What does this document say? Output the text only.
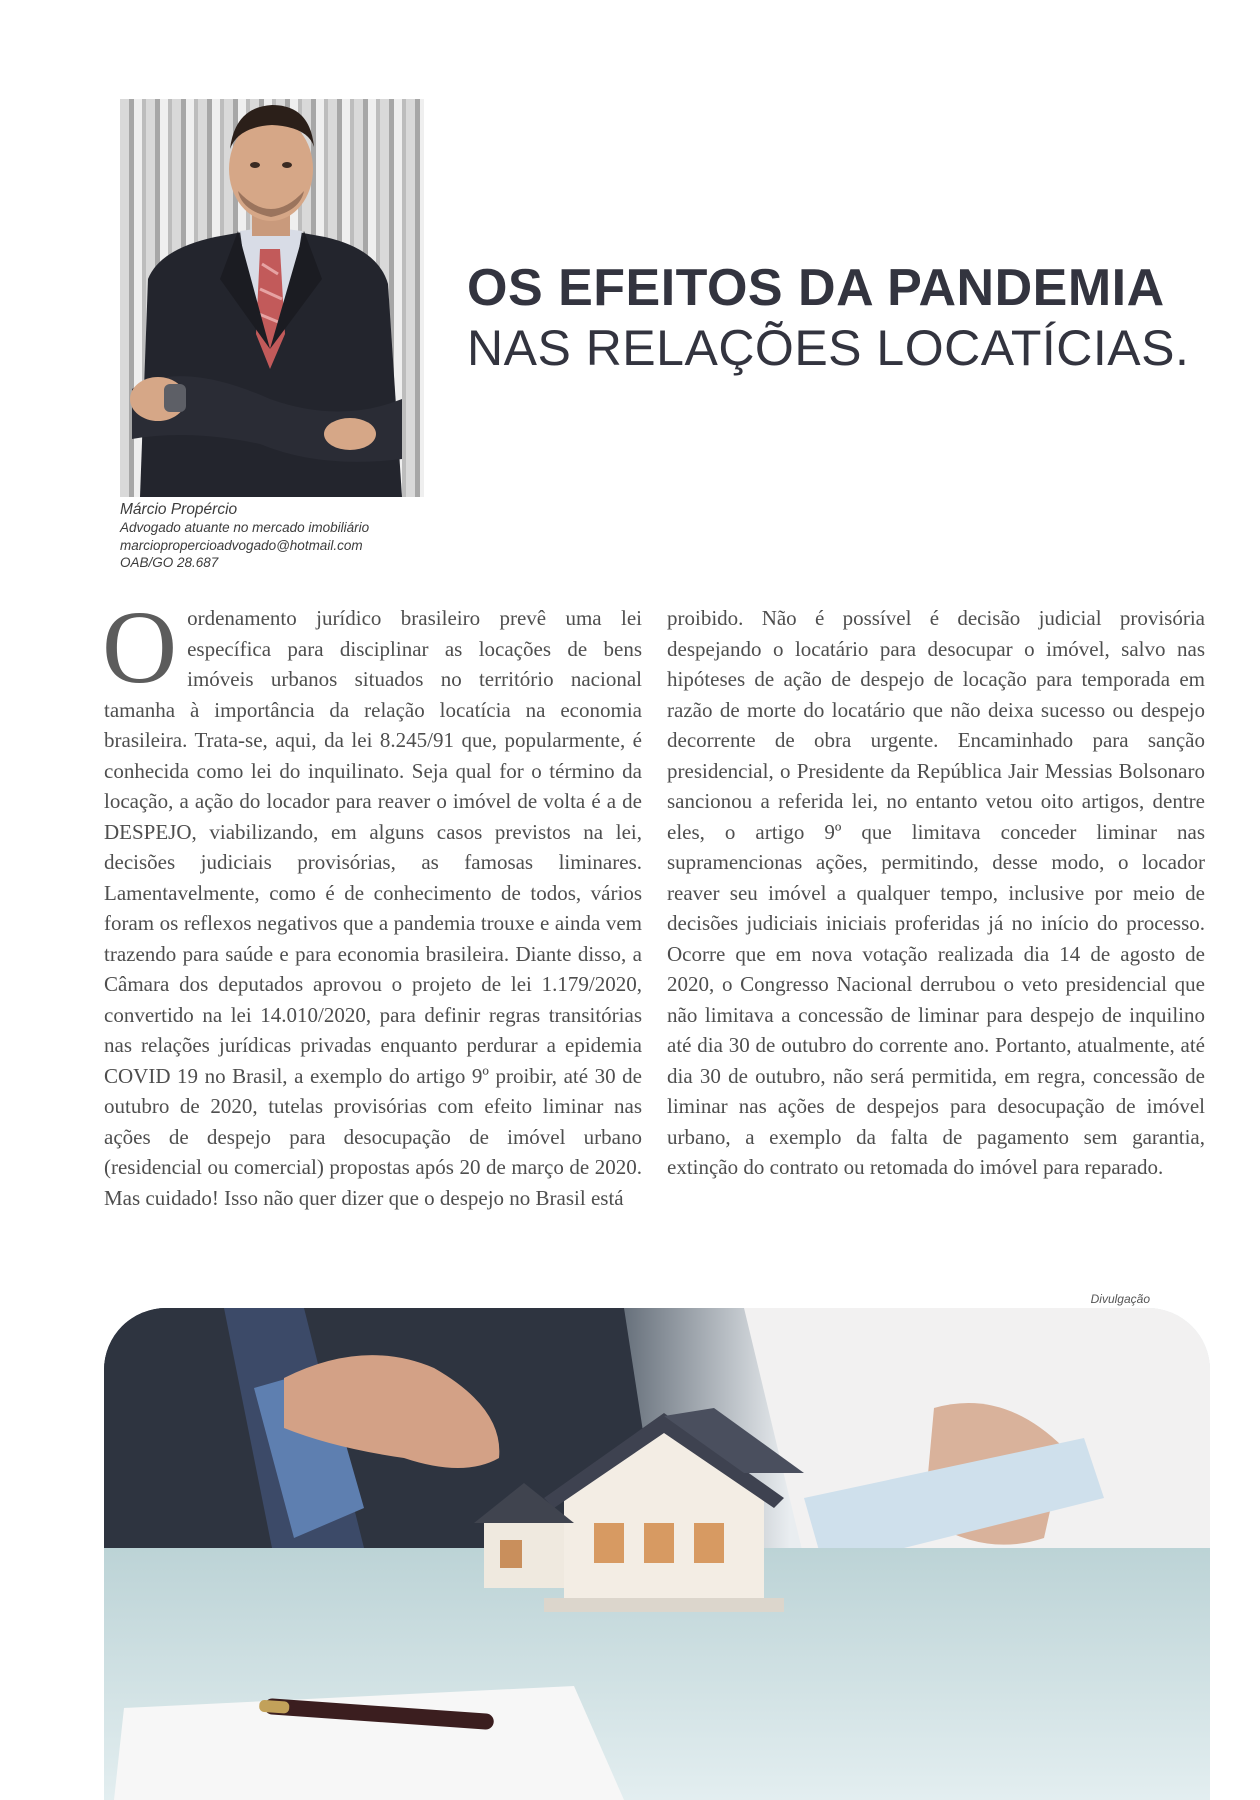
Márcio Propércio
Advogado atuante no mercado imobiliário
marciopropercioadvogado@hotmail.com
OAB/GO 28.687
OS EFEITOS DA PANDEMIA
NAS RELAÇÕES LOCATÍCIAS.
Oordenamento jurídico brasileiro prevê uma lei específica para disciplinar as locações de bens imóveis urbanos situados no território nacional tamanha à importância da relação locatícia na economia brasileira. Trata-se, aqui, da lei 8.245/91 que, popularmente, é conhecida como lei do inquilinato. Seja qual for o término da locação, a ação do locador para reaver o imóvel de volta é a de DESPEJO, viabilizando, em alguns casos previstos na lei, decisões judiciais provisórias, as famosas liminares. Lamentavelmente, como é de conhecimento de todos, vários foram os reflexos negativos que a pandemia trouxe e ainda vem trazendo para saúde e para economia brasileira. Diante disso, a Câmara dos deputados aprovou o projeto de lei 1.179/2020, convertido na lei 14.010/2020, para definir regras transitórias nas relações jurídicas privadas enquanto perdurar a epidemia COVID 19 no Brasil, a exemplo do artigo 9º proibir, até 30 de outubro de 2020, tutelas provisórias com efeito liminar nas ações de despejo para desocupação de imóvel urbano (residencial ou comercial) propostas após 20 de março de 2020. Mas cuidado! Isso não quer dizer que o despejo no Brasil está
proibido. Não é possível é decisão judicial provisória despejando o locatário para desocupar o imóvel, salvo nas hipóteses de ação de despejo de locação para temporada em razão de morte do locatário que não deixa sucesso ou despejo decorrente de obra urgente. Encaminhado para sanção presidencial, o Presidente da República Jair Messias Bolsonaro sancionou a referida lei, no entanto vetou oito artigos, dentre eles, o artigo 9º que limitava conceder liminar nas supramencionas ações, permitindo, desse modo, o locador reaver seu imóvel a qualquer tempo, inclusive por meio de decisões judiciais iniciais proferidas já no início do processo. Ocorre que em nova votação realizada dia 14 de agosto de 2020, o Congresso Nacional derrubou o veto presidencial que não limitava a concessão de liminar para despejo de inquilino até dia 30 de outubro do corrente ano. Portanto, atualmente, até dia 30 de outubro, não será permitida, em regra, concessão de liminar nas ações de despejos para desocupação de imóvel urbano, a exemplo da falta de pagamento sem garantia, extinção do contrato ou retomada do imóvel para reparado.
Divulgação
